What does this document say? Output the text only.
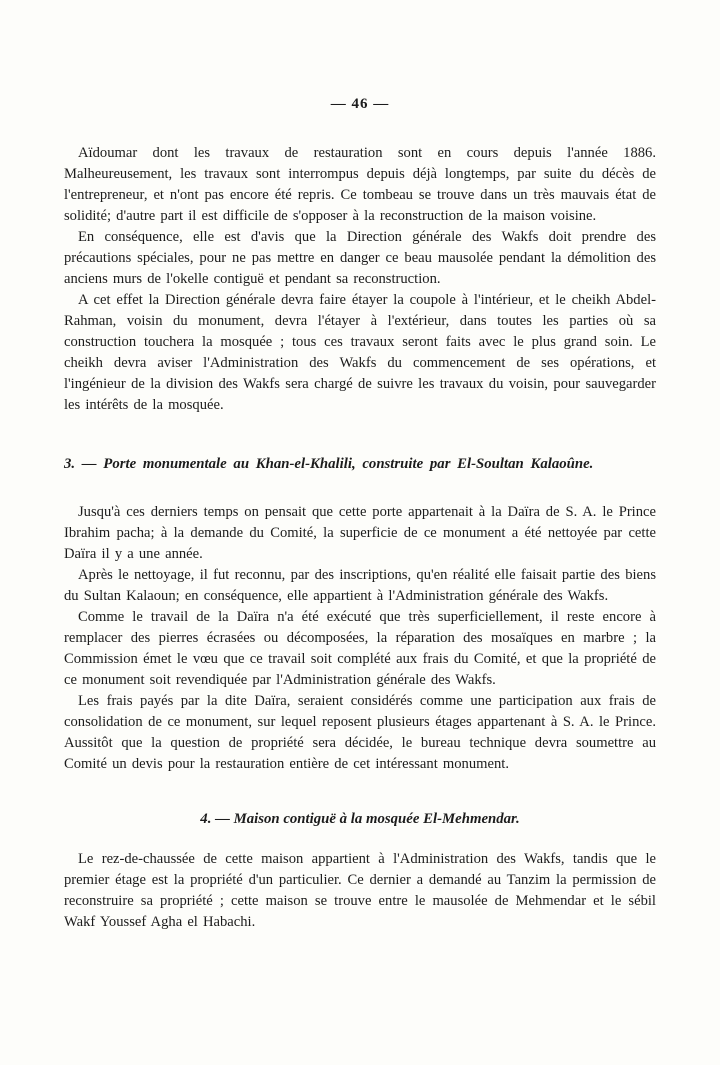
— 46 —

Aïdoumar dont les travaux de restauration sont en cours depuis l'année 1886. Malheureusement, les travaux sont interrompus depuis déjà longtemps, par suite du décès de l'entrepreneur, et n'ont pas encore été repris. Ce tombeau se trouve dans un très mauvais état de solidité; d'autre part il est difficile de s'opposer à la reconstruction de la maison voisine.

En conséquence, elle est d'avis que la Direction générale des Wakfs doit prendre des précautions spéciales, pour ne pas mettre en danger ce beau mausolée pendant la démolition des anciens murs de l'okelle contiguë et pendant sa reconstruction.

A cet effet la Direction générale devra faire étayer la coupole à l'intérieur, et le cheikh Abdel-Rahman, voisin du monument, devra l'étayer à l'extérieur, dans toutes les parties où sa construction touchera la mosquée ; tous ces travaux seront faits avec le plus grand soin. Le cheikh devra aviser l'Administration des Wakfs du commencement de ses opérations, et l'ingénieur de la division des Wakfs sera chargé de suivre les travaux du voisin, pour sauvegarder les intérêts de la mosquée.

3. — Porte monumentale au Khan-el-Khalili, construite par El-Soultan Kalaoûne.

Jusqu'à ces derniers temps on pensait que cette porte appartenait à la Daïra de S. A. le Prince Ibrahim pacha; à la demande du Comité, la superficie de ce monument a été nettoyée par cette Daïra il y a une année.

Après le nettoyage, il fut reconnu, par des inscriptions, qu'en réalité elle faisait partie des biens du Sultan Kalaoun; en conséquence, elle appartient à l'Administration générale des Wakfs.

Comme le travail de la Daïra n'a été exécuté que très superficiellement, il reste encore à remplacer des pierres écrasées ou décomposées, la réparation des mosaïques en marbre ; la Commission émet le vœu que ce travail soit complété aux frais du Comité, et que la propriété de ce monument soit revendiquée par l'Administration générale des Wakfs.

Les frais payés par la dite Daïra, seraient considérés comme une participation aux frais de consolidation de ce monument, sur lequel reposent plusieurs étages appartenant à S. A. le Prince. Aussitôt que la question de propriété sera décidée, le bureau technique devra soumettre au Comité un devis pour la restauration entière de cet intéressant monument.

4. — Maison contiguë à la mosquée El-Mehmendar.

Le rez-de-chaussée de cette maison appartient à l'Administration des Wakfs, tandis que le premier étage est la propriété d'un particulier. Ce dernier a demandé au Tanzim la permission de reconstruire sa propriété ; cette maison se trouve entre le mausolée de Mehmendar et le sébil Wakf Youssef Agha el Habachi.
